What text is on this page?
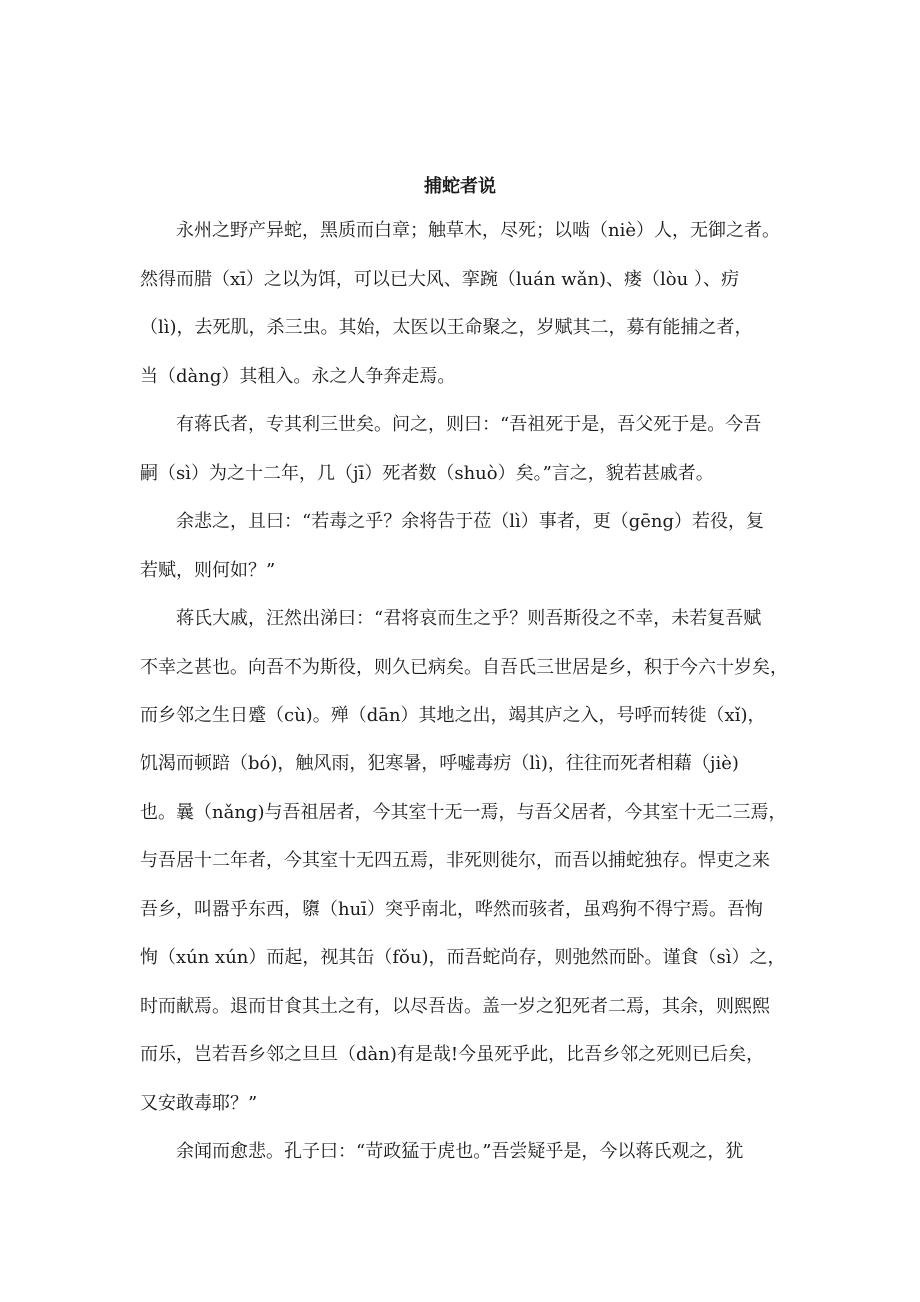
捕蛇者说

永州之野产异蛇，黑质而白章；触草木，尽死；以啮（niè）人，无御之者。

然得而腊（xī）之以为饵，可以已大风、挛踠（luán wǎn)、瘘（lòu ）、疠

（lì)，去死肌，杀三虫。其始，太医以王命聚之，岁赋其二，募有能捕之者，

当（dàng）其租入。永之人争奔走焉。

有蒋氏者，专其利三世矣。问之，则曰：“吾祖死于是，吾父死于是。今吾

嗣（sì）为之十二年，几（jī）死者数（shuò）矣。”言之，貌若甚戚者。

余悲之，且曰：“若毒之乎？余将告于莅（lì）事者，更（gēng）若役，复

若赋，则何如？”

蒋氏大戚，汪然出涕曰：“君将哀而生之乎？则吾斯役之不幸，未若复吾赋

不幸之甚也。向吾不为斯役，则久已病矣。自吾氏三世居是乡，积于今六十岁矣，

而乡邻之生日蹙（cù)。殚（dān）其地之出，竭其庐之入，号呼而转徙（xǐ)，

饥渴而顿踣（bó)，触风雨，犯寒暑，呼嘘毒疠（lì)，往往而死者相藉（jiè)

也。曩（nǎng)与吾祖居者，今其室十无一焉，与吾父居者，今其室十无二三焉，

与吾居十二年者，今其室十无四五焉，非死则徙尔，而吾以捕蛇独存。悍吏之来

吾乡，叫嚣乎东西，隳（huī）突乎南北，哗然而骇者，虽鸡狗不得宁焉。吾恂

恂（xún xún）而起，视其缶（fǒu)，而吾蛇尚存，则弛然而卧。谨食（sì）之，

时而献焉。退而甘食其土之有，以尽吾齿。盖一岁之犯死者二焉，其余，则熙熙

而乐，岂若吾乡邻之旦旦（dàn)有是哉!今虽死乎此，比吾乡邻之死则已后矣，

又安敢毒耶？”

余闻而愈悲。孔子曰：“苛政猛于虎也。”吾尝疑乎是，今以蒋氏观之，犹
